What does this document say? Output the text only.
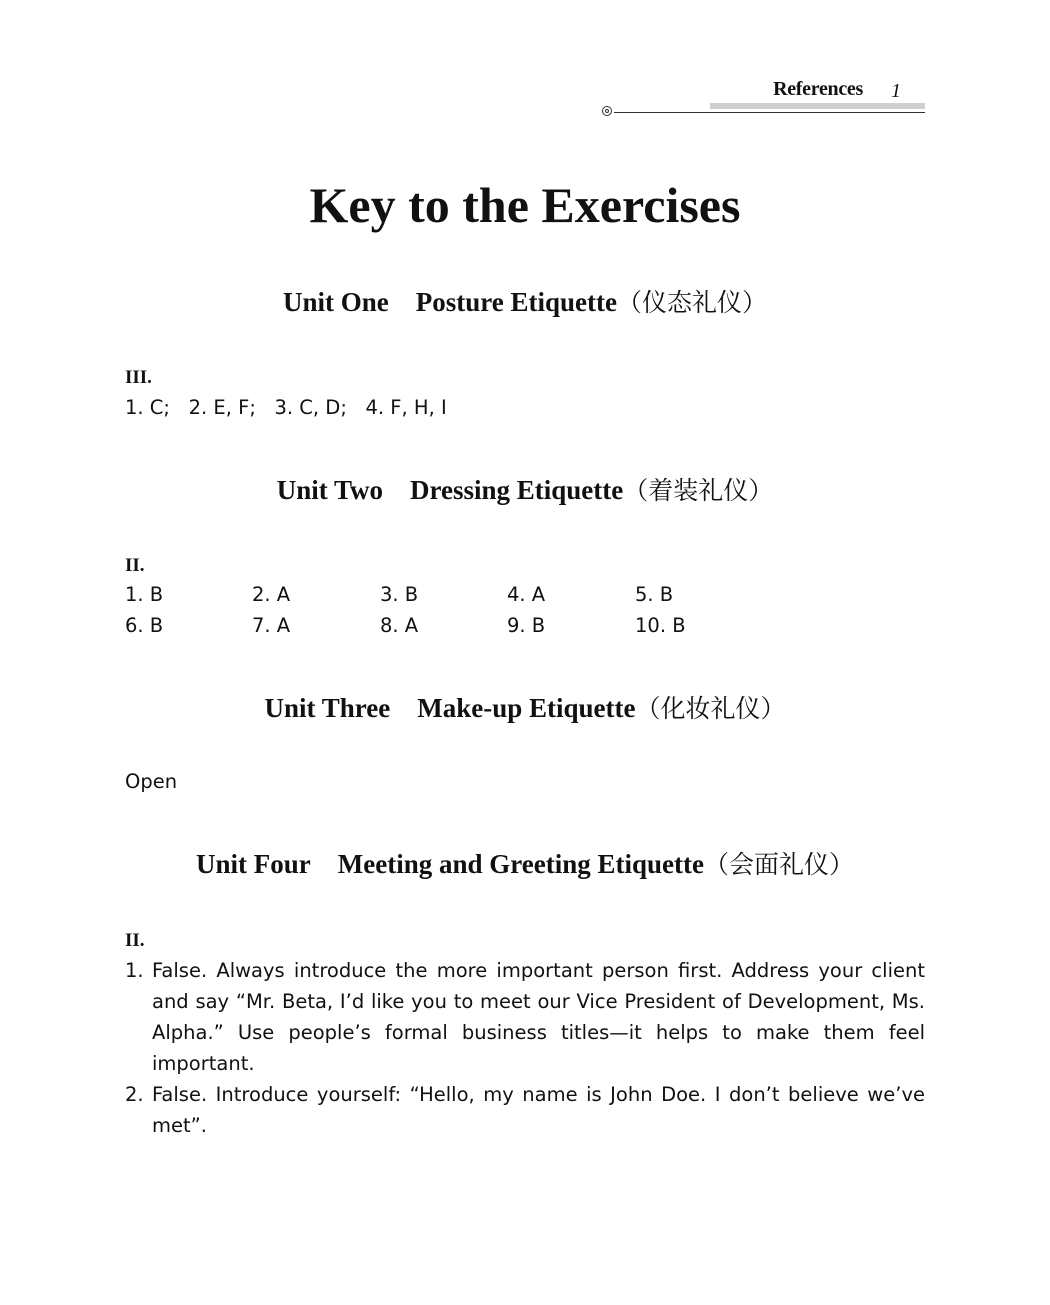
References 1
Key to the Exercises
Unit One Posture Etiquette（仪态礼仪）

III.

1. C;   2. E, F;   3. C, D;   4. F, H, I

Unit Two Dressing Etiquette（着装礼仪）

II.

1. B	2. A	3. B	4. A	5. B
6. B	7. A	8. A	9. B	10. B
Unit Three Make-up Etiquette（化妆礼仪）

Open

Unit Four Meeting and Greeting Etiquette（会面礼仪）

II.

1. False. Always introduce the more important person first. Address your client and say “Mr. Beta, I’d like you to meet our Vice President of Development, Ms. Alpha.” Use people’s formal business titles—it helps to make them feel important.
2. False. Introduce yourself: “Hello, my name is John Doe. I don’t believe we’ve met”.
